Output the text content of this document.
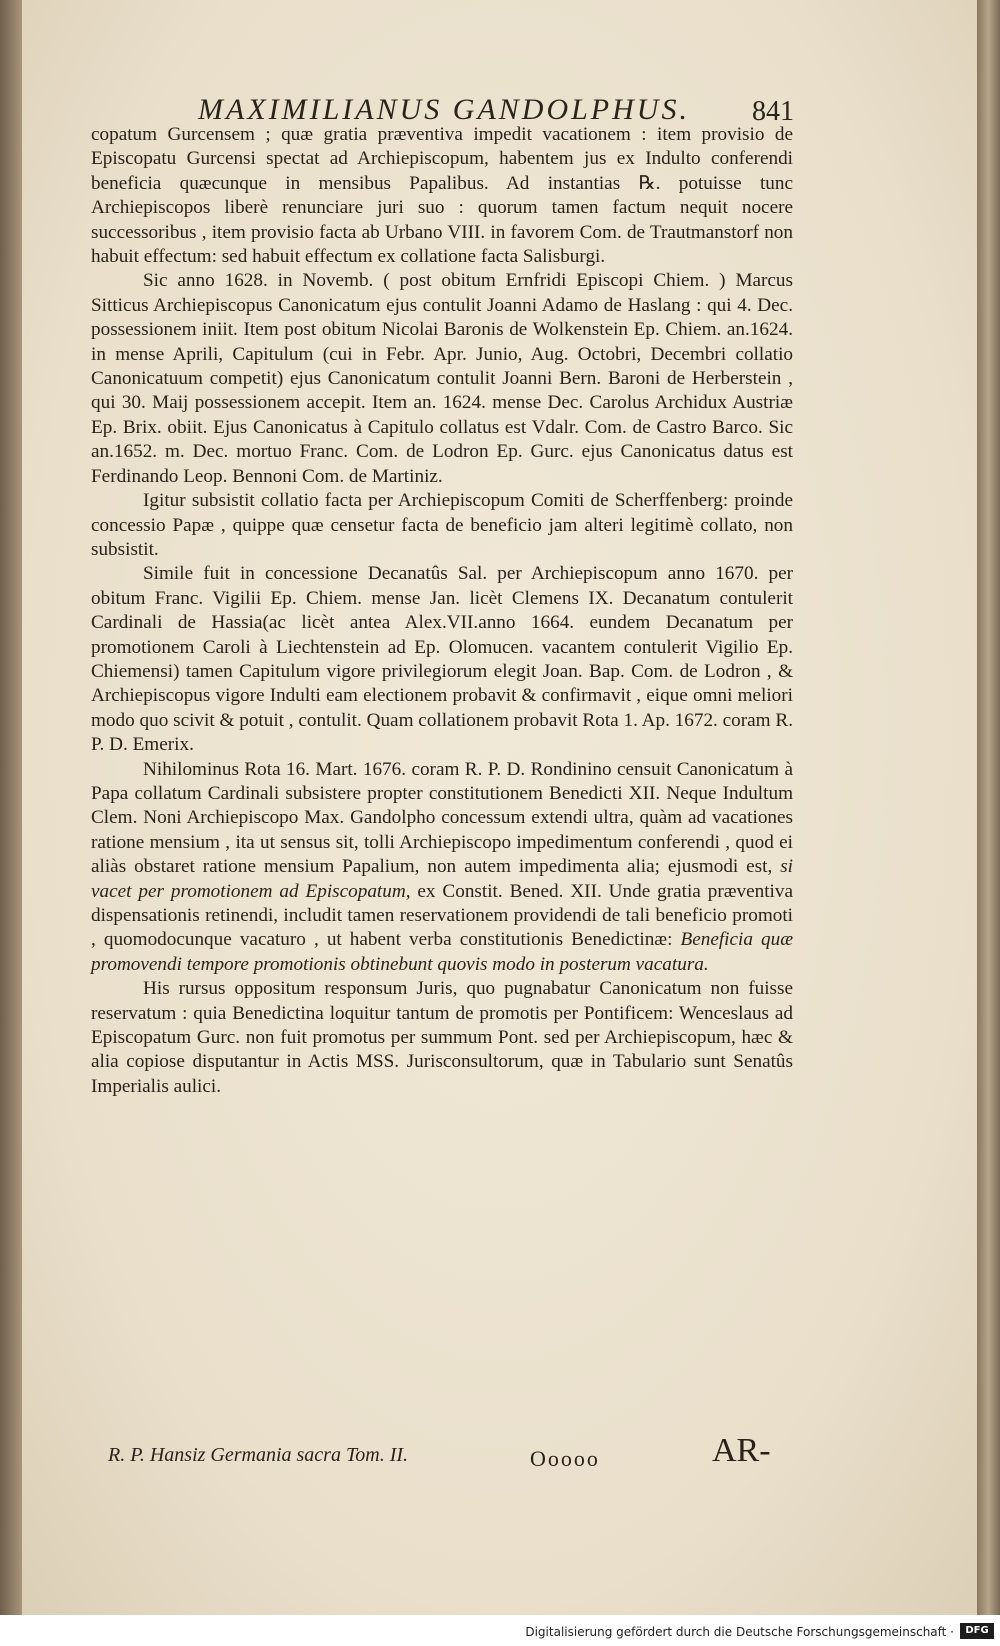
MAXIMILIANUS GANDOLPHUS.	841

copatum Gurcensem ; quæ gratia præventiva impedit vacationem : item provisio de Episcopatu Gurcensi spectat ad Archiepiscopum, habentem jus ex Indulto conferendi beneficia quæcunque in mensibus Papalibus. Ad instantias ℞. potuisse tunc Archiepiscopos liberè renunciare juri suo : quorum tamen factum nequit nocere successoribus , item provisio facta ab Urbano VIII. in favorem Com. de Trautmanstorf non habuit effectum: sed habuit effectum ex collatione facta Salisburgi.

Sic anno 1628. in Novemb. ( post obitum Ernfridi Episcopi Chiem. ) Marcus Sitticus Archiepiscopus Canonicatum ejus contulit Joanni Adamo de Haslang : qui 4. Dec. possessionem iniit. Item post obitum Nicolai Baronis de Wolkenstein Ep. Chiem. an.1624. in mense Aprili, Capitulum (cui in Febr. Apr. Junio, Aug. Octobri, Decembri collatio Canonicatuum competit) ejus Canonicatum contulit Joanni Bern. Baroni de Herberstein , qui 30. Maij possessionem accepit. Item an. 1624. mense Dec. Carolus Archidux Austriæ Ep. Brix. obiit. Ejus Canonicatus à Capitulo collatus est Vdalr. Com. de Castro Barco. Sic an.1652. m. Dec. mortuo Franc. Com. de Lodron Ep. Gurc. ejus Canonicatus datus est Ferdinando Leop. Bennoni Com. de Martiniz.

Igitur subsistit collatio facta per Archiepiscopum Comiti de Scherffenberg: proinde concessio Papæ , quippe quæ censetur facta de beneficio jam alteri legitimè collato, non subsistit.

Simile fuit in concessione Decanatûs Sal. per Archiepiscopum anno 1670. per obitum Franc. Vigilii Ep. Chiem. mense Jan. licèt Clemens IX. Decanatum contulerit Cardinali de Hassia(ac licèt antea Alex.VII.anno 1664. eundem Decanatum per promotionem Caroli à Liechtenstein ad Ep. Olomucen. vacantem contulerit Vigilio Ep. Chiemensi) tamen Capitulum vigore privilegiorum elegit Joan. Bap. Com. de Lodron , & Archiepiscopus vigore Indulti eam electionem probavit & confirmavit , eique omni meliori modo quo scivit & potuit , contulit. Quam collationem probavit Rota 1. Ap. 1672. coram R. P. D. Emerix.

Nihilominus Rota 16. Mart. 1676. coram R. P. D. Rondinino censuit Canonicatum à Papa collatum Cardinali subsistere propter constitutionem Benedicti XII. Neque Indultum Clem. Noni Archiepiscopo Max. Gandolpho concessum extendi ultra, quàm ad vacationes ratione mensium , ita ut sensus sit, tolli Archiepiscopo impedimentum conferendi , quod ei aliàs obstaret ratione mensium Papalium, non autem impedimenta alia; ejusmodi est, si vacet per promotionem ad Episcopatum, ex Constit. Bened. XII. Unde gratia præventiva dispensationis retinendi, includit tamen reservationem providendi de tali beneficio promoti , quomodocunque vacaturo , ut habent verba constitutionis Benedictinæ: Beneficia quæ promovendi tempore promotionis obtinebunt quovis modo in posterum vacatura.

His rursus oppositum responsum Juris, quo pugnabatur Canonicatum non fuisse reservatum : quia Benedictina loquitur tantum de promotis per Pontificem: Wenceslaus ad Episcopatum Gurc. non fuit promotus per summum Pont. sed per Archiepiscopum, hæc & alia copiose disputantur in Actis MSS. Jurisconsultorum, quæ in Tabulario sunt Senatûs Imperialis aulici.

R. P. Hansiz Germania sacra Tom. II.	Ooooo	AR-
Digitalisierung gefördert durch die Deutsche Forschungsgemeinschaft ·	DFG
